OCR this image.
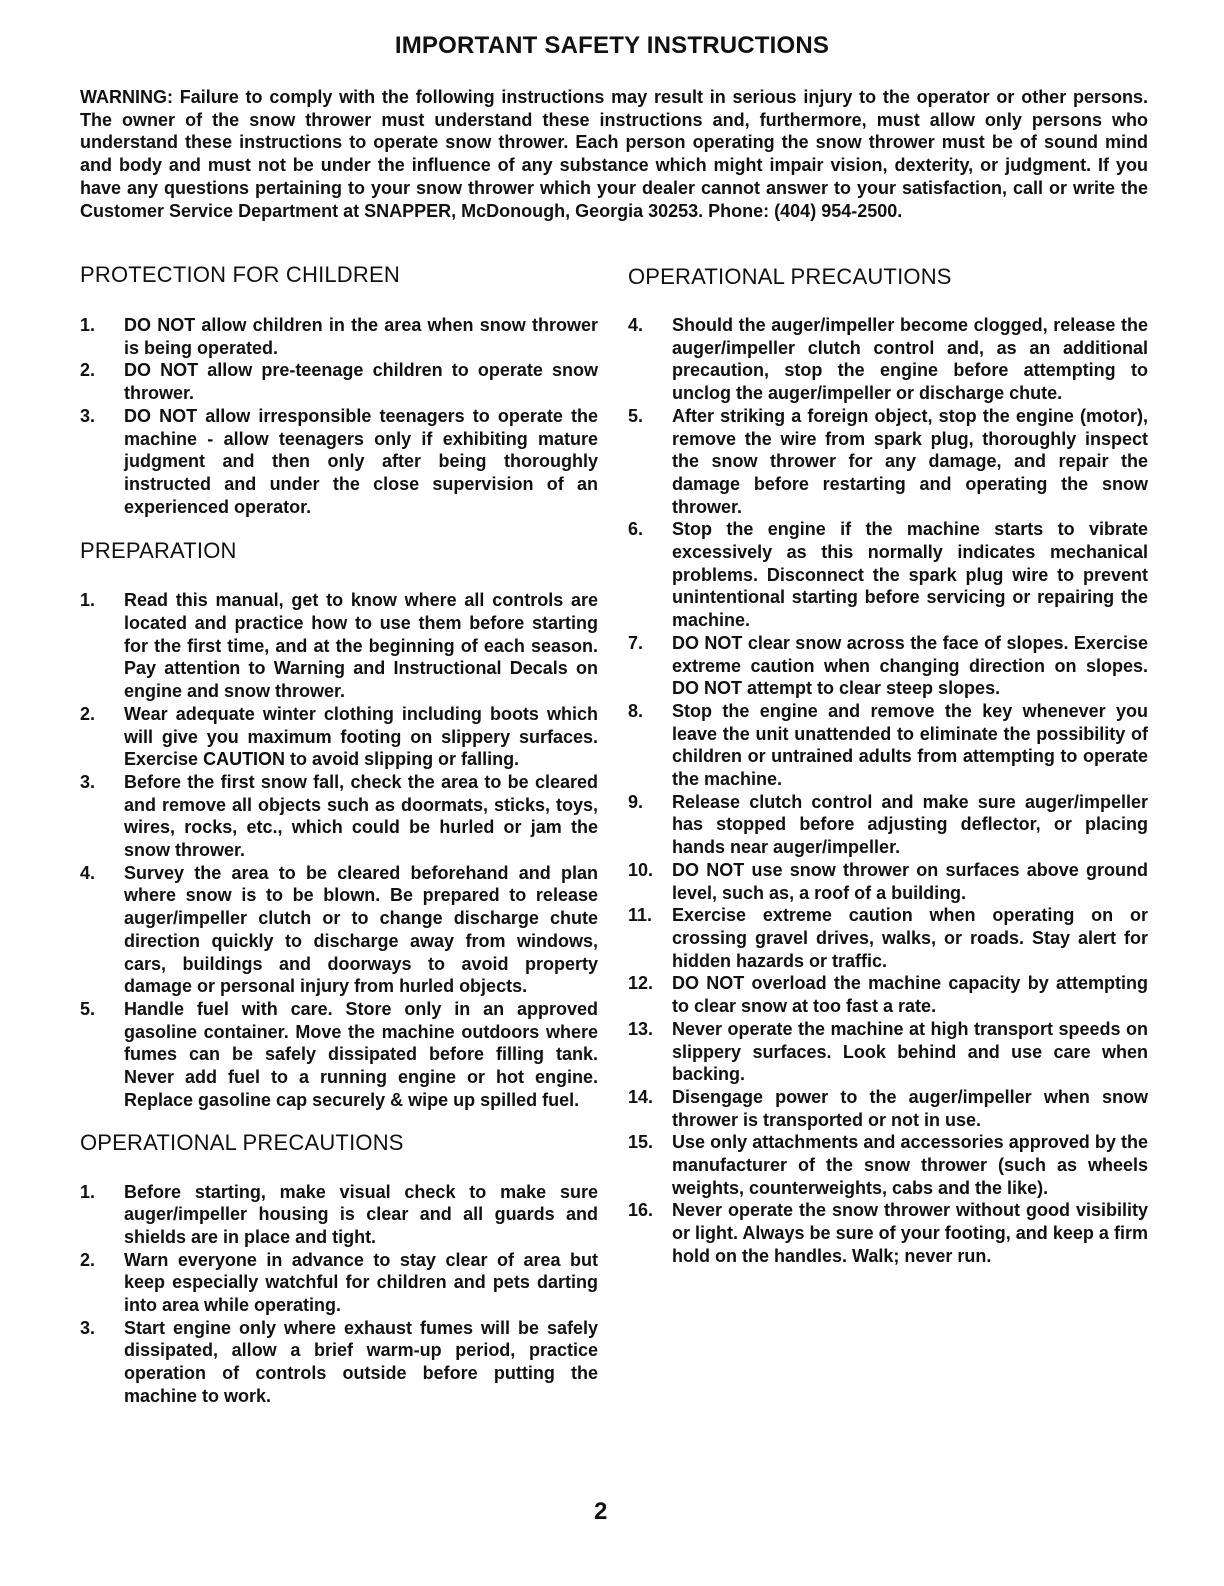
IMPORTANT SAFETY INSTRUCTIONS

WARNING: Failure to comply with the following instructions may result in serious injury to the operator or other persons. The owner of the snow thrower must understand these instructions and, furthermore, must allow only persons who understand these instructions to operate snow thrower. Each person operating the snow thrower must be of sound mind and body and must not be under the influence of any substance which might impair vision, dexterity, or judgment. If you have any questions pertaining to your snow thrower which your dealer cannot answer to your satisfaction, call or write the Customer Service Department at SNAPPER, McDonough, Georgia 30253. Phone: (404) 954-2500.

PROTECTION FOR CHILDREN
1.	DO NOT allow children in the area when snow thrower is being operated.
2.	DO NOT allow pre-teenage children to operate snow thrower.
3.	DO NOT allow irresponsible teenagers to operate the machine - allow teenagers only if exhibiting mature judgment and then only after being thoroughly instructed and under the close supervision of an experienced operator.
PREPARATION
1.	Read this manual, get to know where all controls are located and practice how to use them before starting for the first time, and at the beginning of each season. Pay attention to Warning and Instructional Decals on engine and snow thrower.
2.	Wear adequate winter clothing including boots which will give you maximum footing on slippery surfaces. Exercise CAUTION to avoid slipping or falling.
3.	Before the first snow fall, check the area to be cleared and remove all objects such as doormats, sticks, toys, wires, rocks, etc., which could be hurled or jam the snow thrower.
4.	Survey the area to be cleared beforehand and plan where snow is to be blown. Be prepared to release auger/impeller clutch or to change discharge chute direction quickly to discharge away from windows, cars, buildings and doorways to avoid property damage or personal injury from hurled objects.
5.	Handle fuel with care. Store only in an approved gasoline container. Move the machine outdoors where fumes can be safely dissipated before filling tank. Never add fuel to a running engine or hot engine. Replace gasoline cap securely & wipe up spilled fuel.
OPERATIONAL PRECAUTIONS
1.	Before starting, make visual check to make sure auger/impeller housing is clear and all guards and shields are in place and tight.
2.	Warn everyone in advance to stay clear of area but keep especially watchful for children and pets darting into area while operating.
3.	Start engine only where exhaust fumes will be safely dissipated, allow a brief warm-up period, practice operation of controls outside before putting the machine to work.
OPERATIONAL PRECAUTIONS
4.	Should the auger/impeller become clogged, release the auger/impeller clutch control and, as an additional precaution, stop the engine before attempting to unclog the auger/impeller or discharge chute.
5.	After striking a foreign object, stop the engine (motor), remove the wire from spark plug, thoroughly inspect the snow thrower for any damage, and repair the damage before restarting and operating the snow thrower.
6.	Stop the engine if the machine starts to vibrate excessively as this normally indicates mechanical problems. Disconnect the spark plug wire to prevent unintentional starting before servicing or repairing the machine.
7.	DO NOT clear snow across the face of slopes. Exercise extreme caution when changing direction on slopes. DO NOT attempt to clear steep slopes.
8.	Stop the engine and remove the key whenever you leave the unit unattended to eliminate the possibility of children or untrained adults from attempting to operate the machine.
9.	Release clutch control and make sure auger/impeller has stopped before adjusting deflector, or placing hands near auger/impeller.
10.	DO NOT use snow thrower on surfaces above ground level, such as, a roof of a building.
11.	Exercise extreme caution when operating on or crossing gravel drives, walks, or roads. Stay alert for hidden hazards or traffic.
12.	DO NOT overload the machine capacity by attempting to clear snow at too fast a rate.
13.	Never operate the machine at high transport speeds on slippery surfaces. Look behind and use care when backing.
14.	Disengage power to the auger/impeller when snow thrower is transported or not in use.
15.	Use only attachments and accessories approved by the manufacturer of the snow thrower (such as wheels weights, counterweights, cabs and the like).
16.	Never operate the snow thrower without good visibility or light. Always be sure of your footing, and keep a firm hold on the handles. Walk; never run.
2
